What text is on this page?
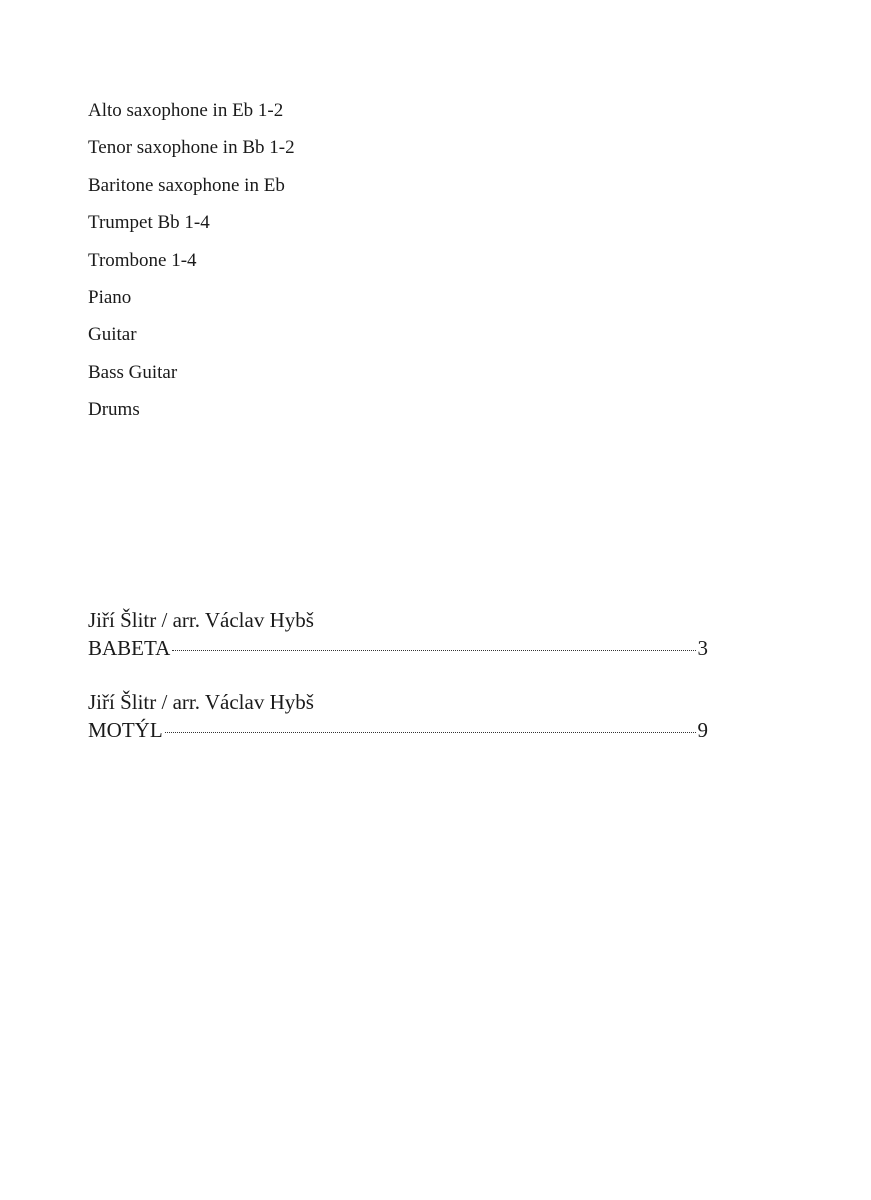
Alto saxophone in Eb 1-2
Tenor saxophone in Bb 1-2
Baritone saxophone in Eb
Trumpet Bb 1-4
Trombone 1-4
Piano
Guitar
Bass Guitar
Drums
Jiří Šlitr / arr. Václav Hybš
BABETA	3
Jiří Šlitr / arr. Václav Hybš
MOTÝL	9
